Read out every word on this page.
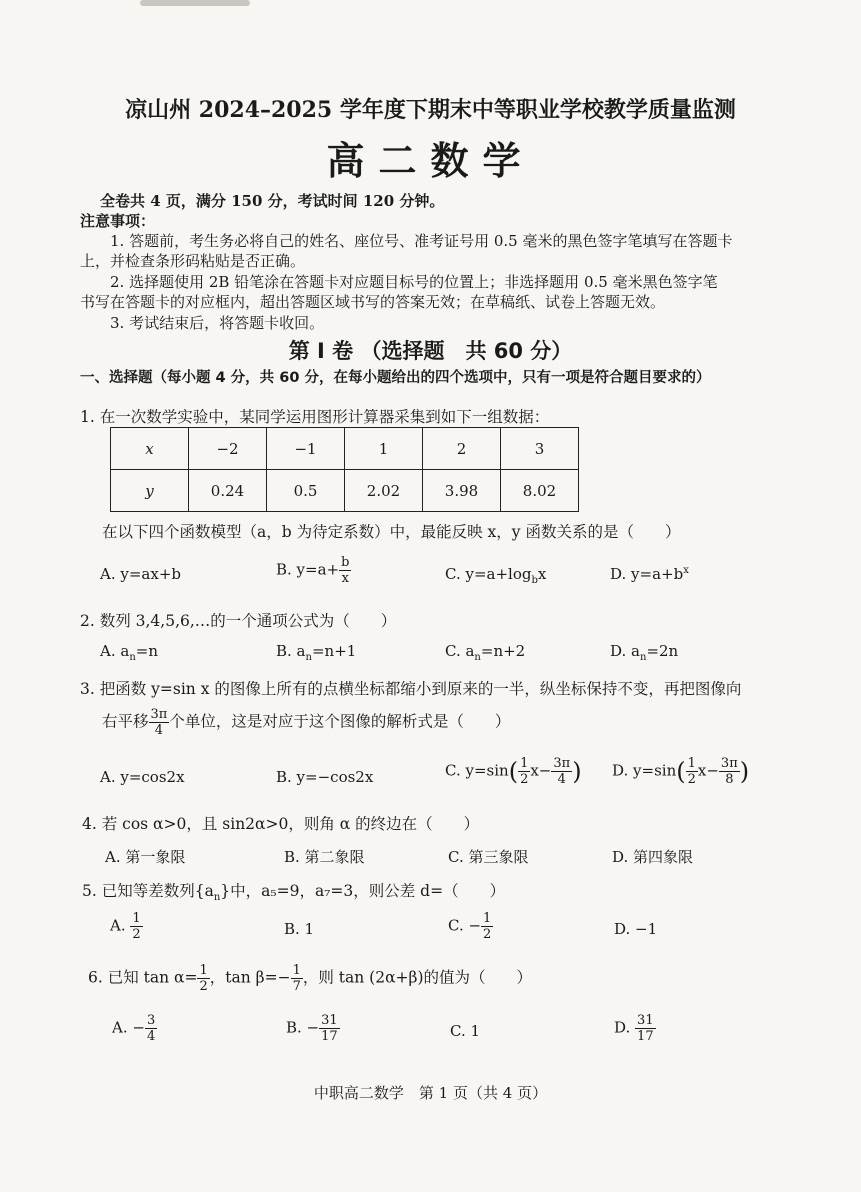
凉山州 2024–2025 学年度下期末中等职业学校教学质量监测
高二数学
全卷共 4 页，满分 150 分，考试时间 120 分钟。
注意事项：
1. 答题前，考生务必将自己的姓名、座位号、准考证号用 0.5 毫米的黑色签字笔填写在答题卡
上，并检查条形码粘贴是否正确。
2. 选择题使用 2B 铅笔涂在答题卡对应题目标号的位置上；非选择题用 0.5 毫米黑色签字笔
书写在答题卡的对应框内，超出答题区域书写的答案无效；在草稿纸、试卷上答题无效。
3. 考试结束后，将答题卡收回。
第 Ⅰ 卷 （选择题　共 60 分）
一、选择题（每小题 4 分，共 60 分，在每小题给出的四个选项中，只有一项是符合题目要求的）
1. 在一次数学实验中，某同学运用图形计算器采集到如下一组数据：
x	−2	−1	1	2	3
y	0.24	0.5	2.02	3.98	8.02
在以下四个函数模型（a，b 为待定系数）中，最能反映 x，y 函数关系的是（　　）
A. y=ax+b	B. $y=a+ \frac{b}{x}$	C. $y=a+\log_bx$	D. $y=a+b^x$
2. 数列 3,4,5,6,…的一个通项公式为（　　）
A. $a_n=n$	B. $a_n=n+1$	C. $a_n=n+2$	D. $a_n=2n$
3. 把函数 y=sin x 的图像上所有的点横坐标都缩小到原来的一半，纵坐标保持不变，再把图像向
右平移 $\frac{3\pi}{4}$ 个单位，这是对应于这个图像的解析式是（　　）
A. y=cos2x	B. y=−cos2x	C. $y=\sin( \frac{1}{2} x- \frac{3\pi}{4}$ ) D. $y=\sin( \frac{1}{2} x- \frac{3\pi}{8}$ )
4. 若 cos α>0，且 sin2α>0，则角 α 的终边在（　　）
A. 第一象限	B. 第二象限	C. 第三象限	D. 第四象限
5. 已知等差数列$\{a_n\}$中，a₅=9，a₇=3，则公差 d=（　　）
A. $\frac{1}{2}$	B. 1	C. − $\frac{1}{2}$	D. −1
6. 已知 $\tan \alpha= \frac{1}{2}$ ，$\tan \beta=- \frac{1}{7}$ ，则 tan (2α+β)的值为（　　）
A. − $\frac{3}{4}$	B. − $\frac{31}{17}$	C. 1	D. $\frac{31}{17}$
中职高二数学　第 1 页（共 4 页）
